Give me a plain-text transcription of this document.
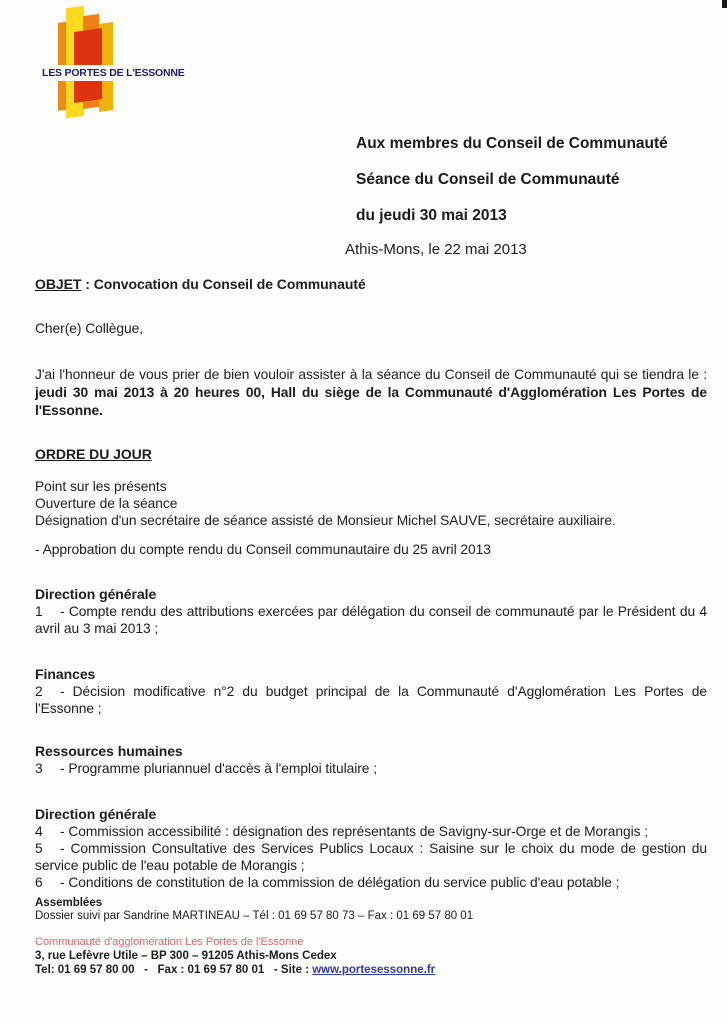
LES PORTES DE L'ESSONNE
Aux membres du Conseil de Communauté
Séance du Conseil de Communauté
du jeudi 30 mai 2013
Athis-Mons, le 22 mai 2013
OBJET : Convocation du Conseil de Communauté
Cher(e) Collègue,

J'ai l'honneur de vous prier de bien vouloir assister à la séance du Conseil de Communauté qui se tiendra le : jeudi 30 mai 2013 à 20 heures 00, Hall du siège de la Communauté d'Agglomération Les Portes de l'Essonne.

ORDRE DU JOUR
Point sur les présents
Ouverture de la séance
Désignation d'un secrétaire de séance assisté de Monsieur Michel SAUVE, secrétaire auxiliaire.
- Approbation du compte rendu du Conseil communautaire du 25 avril 2013
Direction générale
1 - Compte rendu des attributions exercées par délégation du conseil de communauté par le Président du 4 avril au 3 mai 2013 ;
Finances
2 - Décision modificative n°2 du budget principal de la Communauté d'Agglomération Les Portes de l'Essonne ;
Ressources humaines
3 - Programme pluriannuel d'accès à l'emploi titulaire ;
Direction générale
4 - Commission accessibilité : désignation des représentants de Savigny-sur-Orge et de Morangis ;
5 - Commission Consultative des Services Publics Locaux : Saisine sur le choix du mode de gestion du service public de l'eau potable de Morangis ;
6 - Conditions de constitution de la commission de délégation du service public d'eau potable ;
Assemblées
Dossier suivi par Sandrine MARTINEAU – Tél : 01 69 57 80 73 – Fax : 01 69 57 80 01
Communauté d'agglomération Les Portes de l'Essonne
3, rue Lefèvre Utile – BP 300 – 91205 Athis-Mons Cedex
Tel: 01 69 57 80 00   -   Fax : 01 69 57 80 01   - Site : www.portesessonne.fr
